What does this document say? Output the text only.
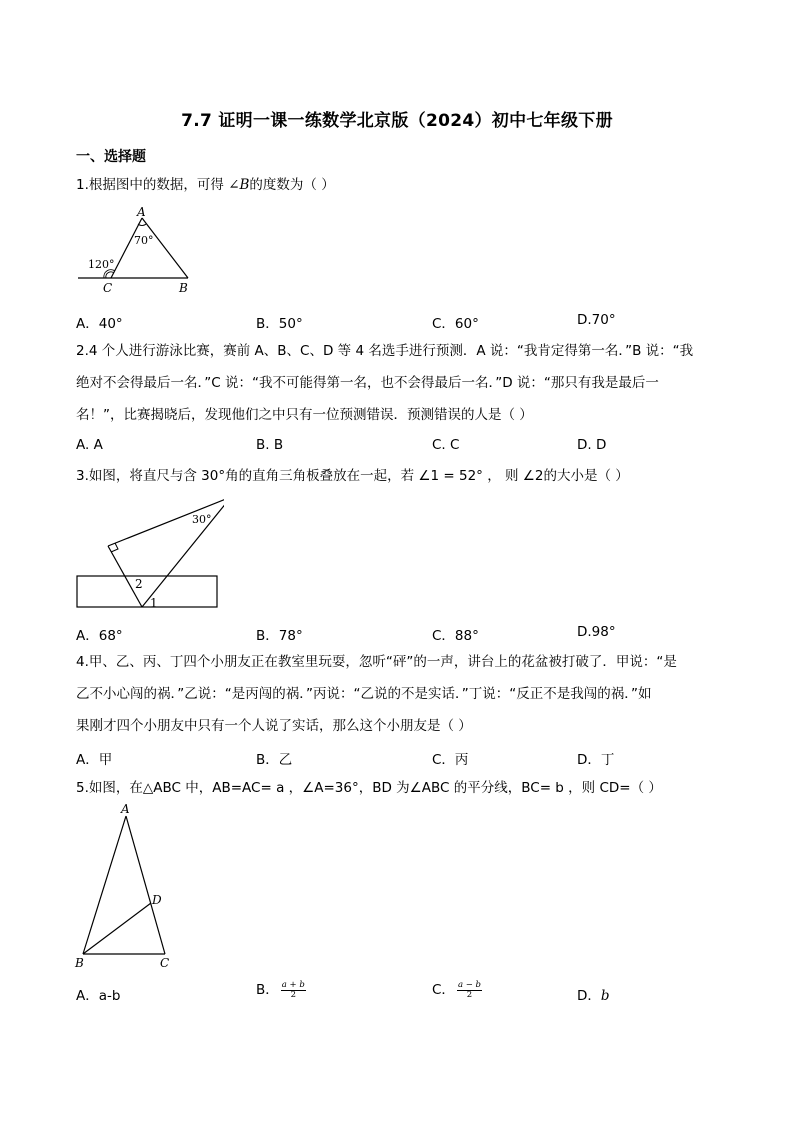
7.7 证明一课一练数学北京版（2024）初中七年级下册
一、选择题
1.根据图中的数据，可得 ∠B的度数为（ ）
A
70°
120°
C	B
A．40°	B．50°	C．60°	D.70°
2.4 个人进行游泳比赛，赛前 A、B、C、D 等 4 名选手进行预测．A 说：“我肯定得第一名．”B 说：“我
绝对不会得最后一名．”C 说：“我不可能得第一名，也不会得最后一名．”D 说：“那只有我是最后一
名！”，比赛揭晓后，发现他们之中只有一位预测错误．预测错误的人是（ ）
A. A	B. B	C. C	D. D
3.如图，将直尺与含 30°角的直角三角板叠放在一起，若 ∠1 = 52° ， 则 ∠2的大小是（ ）
30°
2
1
A．68°	B．78°	C．88°	D.98°
4.甲、乙、丙、丁四个小朋友正在教室里玩耍，忽听“砰”的一声，讲台上的花盆被打破了．甲说：“是
乙不小心闯的祸．”乙说：“是丙闯的祸．”丙说：“乙说的不是实话．”丁说：“反正不是我闯的祸．”如
果刚才四个小朋友中只有一个人说了实话，那么这个小朋友是（ ）
A．甲	B．乙	C．丙	D．丁
5.如图，在△ABC 中，AB=AC= a ，∠A=36°，BD 为∠ABC 的平分线，BC= b ，则 CD=（ ）
A
D
B	C
A．a-b	B． $\frac{a + b}{2}$	C． $\frac{a - b}{2}$	D．b
